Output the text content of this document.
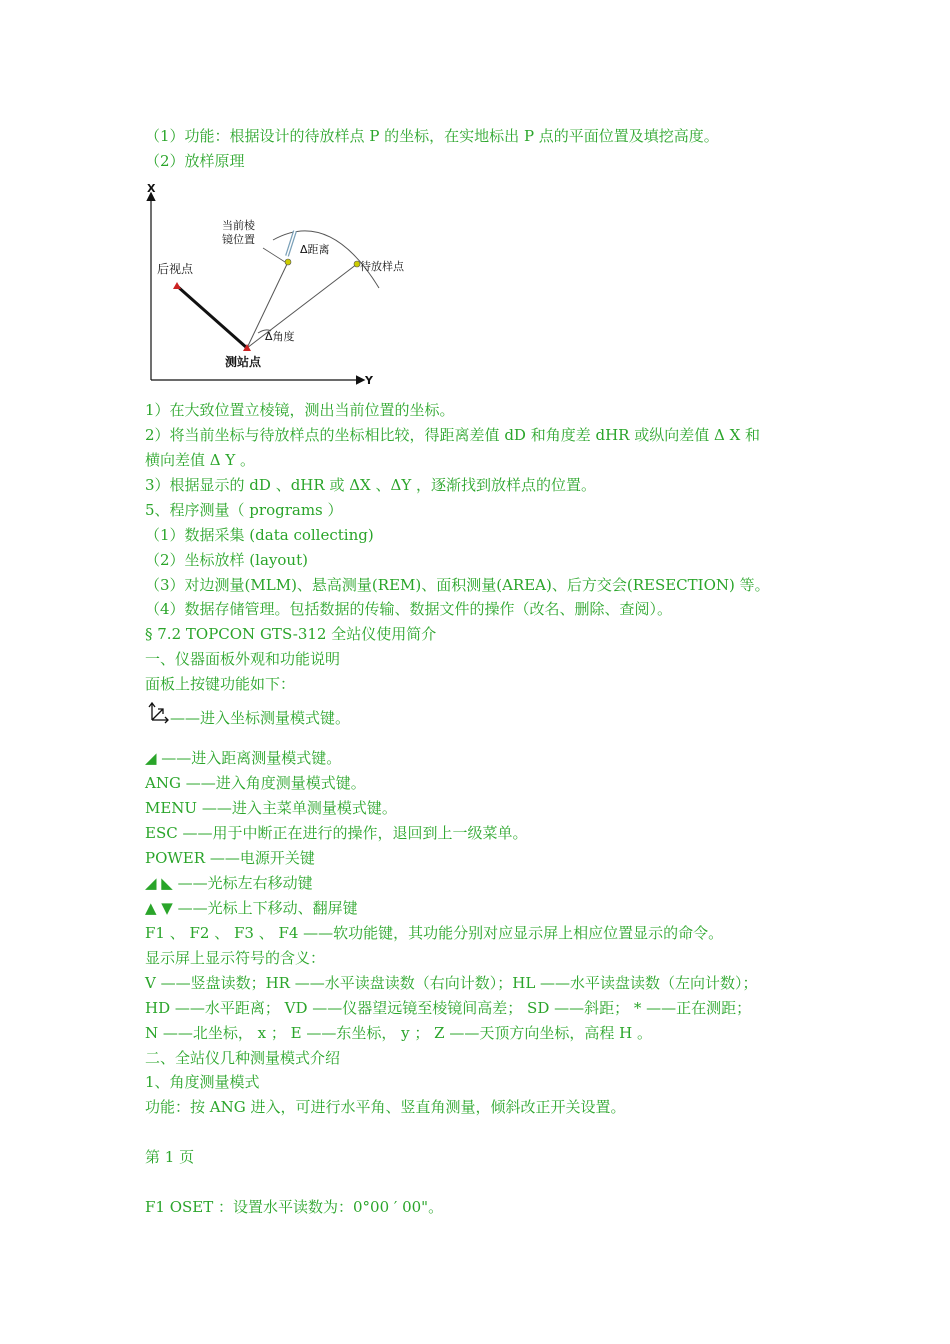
（1）功能：根据设计的待放样点 P 的坐标，在实地标出 P 点的平面位置及填挖高度。
（2）放样原理
X
Y
后视点
测站点
当前棱
镜位置
Δ距离
待放样点
Δ角度
1）在大致位置立棱镜，测出当前位置的坐标。
2）将当前坐标与待放样点的坐标相比较，得距离差值 dD 和角度差 dHR 或纵向差值 Δ X 和
横向差值 Δ Y 。
3）根据显示的 dD 、dHR 或 ΔX 、ΔY ，逐渐找到放样点的位置。
5、程序测量（ programs ）
（1）数据采集 (data collecting)
（2）坐标放样 (layout)
（3）对边测量(MLM)、悬高测量(REM)、面积测量(AREA)、后方交会(RESECTION) 等。
（4）数据存储管理。包括数据的传输、数据文件的操作（改名、删除、查阅）。
§ 7.2 TOPCON GTS-312 全站仪使用简介
一、仪器面板外观和功能说明
面板上按键功能如下：
——进入坐标测量模式键。
◢ ——进入距离测量模式键。
ANG ——进入角度测量模式键。
MENU ——进入主菜单测量模式键。
ESC ——用于中断正在进行的操作，退回到上一级菜单。
POWER ——电源开关键
◢ ◣ ——光标左右移动键
▲ ▼ ——光标上下移动、翻屏键
F1 、 F2 、 F3 、 F4 ——软功能键，其功能分别对应显示屏上相应位置显示的命令。
显示屏上显示符号的含义：
V ——竖盘读数；HR ——水平读盘读数（右向计数）；HL ——水平读盘读数（左向计数）；
HD ——水平距离； VD ——仪器望远镜至棱镜间高差； SD ——斜距； * ——正在测距；
N ——北坐标， x ； E ——东坐标， y ； Z ——天顶方向坐标，高程 H 。
二、全站仪几种测量模式介绍
1、角度测量模式
功能：按 ANG 进入，可进行水平角、竖直角测量，倾斜改正开关设置。
第 1 页
F1 OSET ：设置水平读数为：0°00 ′ 00"。
